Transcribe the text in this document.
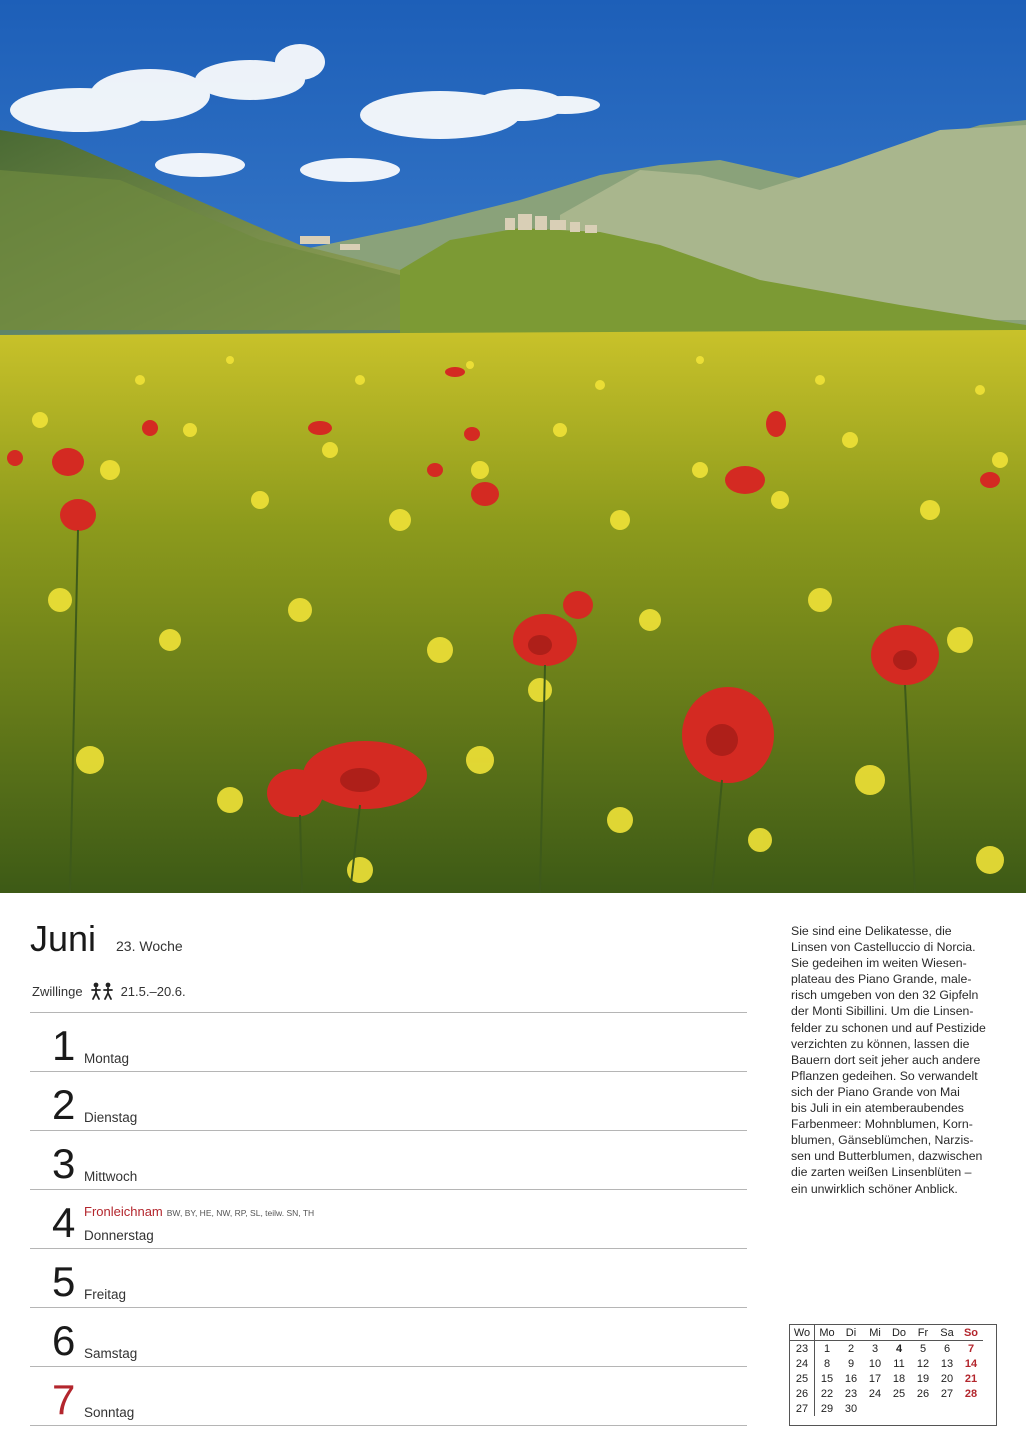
Juni 23. Woche
Zwillinge	21.5.–20.6.
1 Montag
2 Dienstag
3 Mittwoch
4 Fronleichnam BW, BY, HE, NW, RP, SL, teilw. SN, TH
Donnerstag
5 Freitag
6 Samstag
7 Sonntag

Sie sind eine Delikatesse, die

Linsen von Castelluccio di Norcia.

Sie gedeihen im weiten Wiesen-

plateau des Piano Grande, male-

risch umgeben von den 32 Gipfeln

der Monti Sibillini. Um die Linsen-

felder zu schonen und auf Pestizide

verzichten zu können, lassen die

Bauern dort seit jeher auch andere

Pflanzen gedeihen. So verwandelt

sich der Piano Grande von Mai

bis Juli in ein atemberaubendes

Farbenmeer: Mohnblumen, Korn-

blumen, Gänseblümchen, Narzis-

sen und Butterblumen, dazwischen

die zarten weißen Linsenblüten –

ein unwirklich schöner Anblick.

Wo	Mo	Di	Mi	Do	Fr	Sa	So
23	1	2	3	4	5	6	7
24	8	9	10	11	12	13	14
25	15	16	17	18	19	20	21
26	22	23	24	25	26	27	28
27	29	30					
